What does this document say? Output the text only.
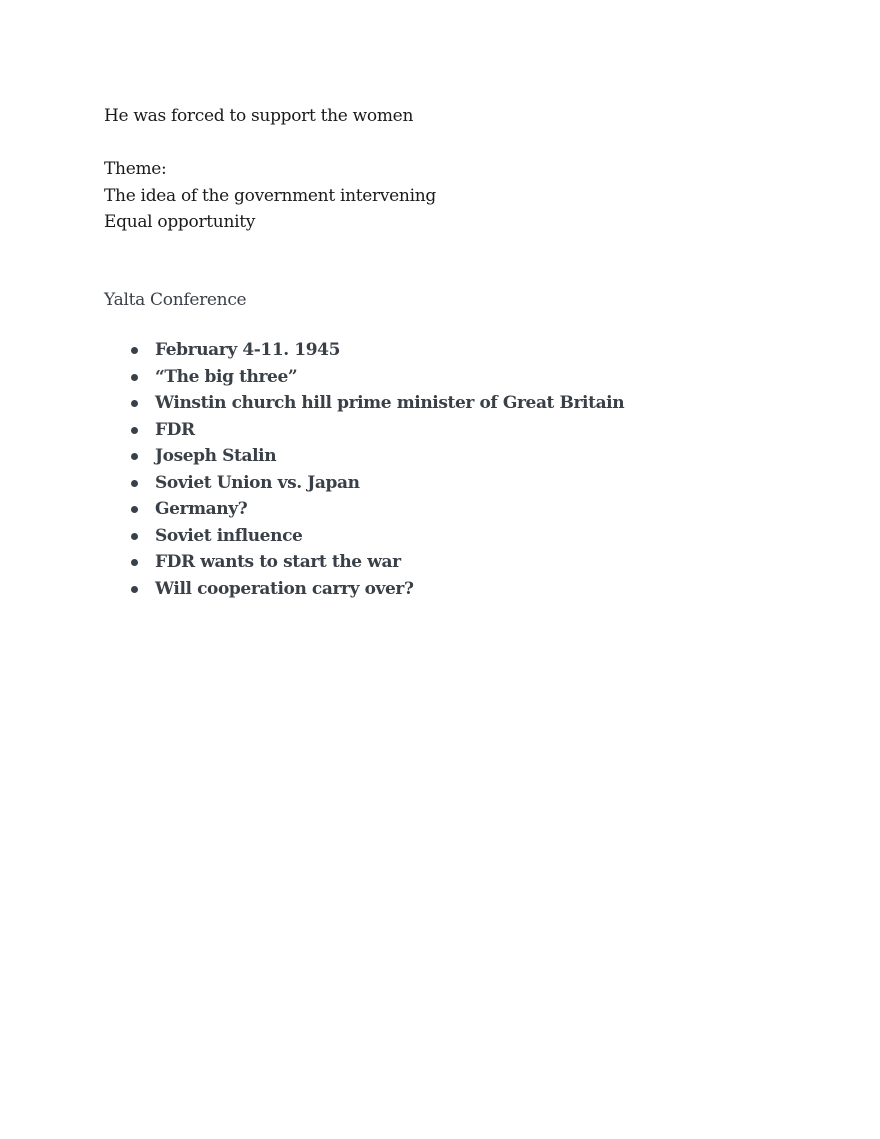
He was forced to support the women

Theme:

The idea of the government intervening

Equal opportunity

Yalta Conference
February 4-11. 1945
“The big three”
Winstin church hill prime minister of Great Britain
FDR
Joseph Stalin
Soviet Union vs. Japan
Germany?
Soviet influence
FDR wants to start the war
Will cooperation carry over?
